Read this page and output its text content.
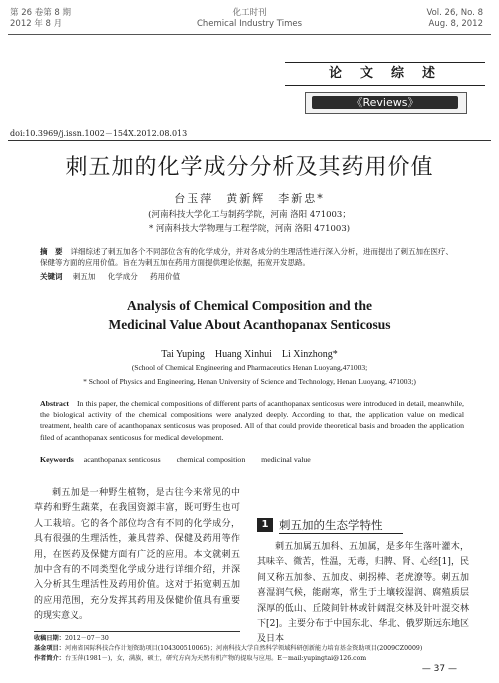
第 26 卷第 8 期
2012 年 8 月
化工时刊
Chemical Industry Times
Vol. 26, No. 8
Aug. 8, 2012
论文综述
《Reviews》
doi:10.3969/j.issn.1002－154X.2012.08.013
刺五加的化学成分分析及其药用价值
台玉萍　黄新辉　李新忠*
(河南科技大学化工与制药学院，河南 洛阳 471003；
* 河南科技大学物理与工程学院，河南 洛阳 471003)
摘　要 详细综述了刺五加各个不同部位含有的化学成分，并对各成分的生理活性进行深入分析，进而提出了刺五加在医疗、保健等方面的应用价值。旨在为刺五加在药用方面提供理论依据，拓宽开发思路。
关键词 刺五加 化学成分 药用价值
Analysis of Chemical Composition and the
Medicinal Value About Acanthopanax Senticosus
Tai Yuping　Huang Xinhui　Li Xinzhong*
(School of Chemical Engineering and Pharmaceutics Henan Luoyang,471003;
* School of Physics and Engineering, Henan University of Science and Technology, Henan Luoyang, 471003;)
Abstract In this paper, the chemical compositions of different parts of acanthopanax senticosus were introduced in detail, meanwhile, the biological activity of the chemical compositions were analyzed deeply. According to that, the application value on medical treatment, health care of acanthopanax senticosus was proposed. All of that could provide theoretical basis and broaden the application filed of acanthopanax senticosus for medical development.
Keywords acanthopanax senticosus chemical composition medicinal value

刺五加是一种野生植物，是古往今来常见的中草药和野生蔬菜，在我国资源丰富，既可野生也可人工栽培。它的各个部位均含有不同的化学成分，具有很强的生理活性，兼具营养、保健及药用等作用，在医药及保健方面有广泛的应用。本文就刺五加中含有的不同类型化学成分进行详细介绍，并深入分析其生理活性及药用价值。这对于拓宽刺五加的应用范围，充分发挥其药用及保健价值具有重要的现实意义。

1 刺五加的生态学特性

刺五加属五加科、五加属，是多年生落叶灌木，其味辛、微苦，性温，无毒，归脾、肾、心经[1]，民间又称五加参、五加皮、刺拐棒、老虎潦等。刺五加喜湿润气候，能耐寒，常生于土壤较湿润、腐殖质层深厚的低山、丘陵间针林或针阔混交林及针叶混交林下[2]。主要分布于中国东北、华北、俄罗斯远东地区及日本

收稿日期：2012－07－30
基金项目：河南省国际科技合作计划资助项目(104300510065)；河南科技大学自然科学领域科研创新能力培育基金资助项目(2009CZ0009)
作者简介：台玉萍(1981－)，女，满族，硕士，研究方向为天然有机产物的提取与应用。E－mail:yupingtai@126.com
— 37 —
